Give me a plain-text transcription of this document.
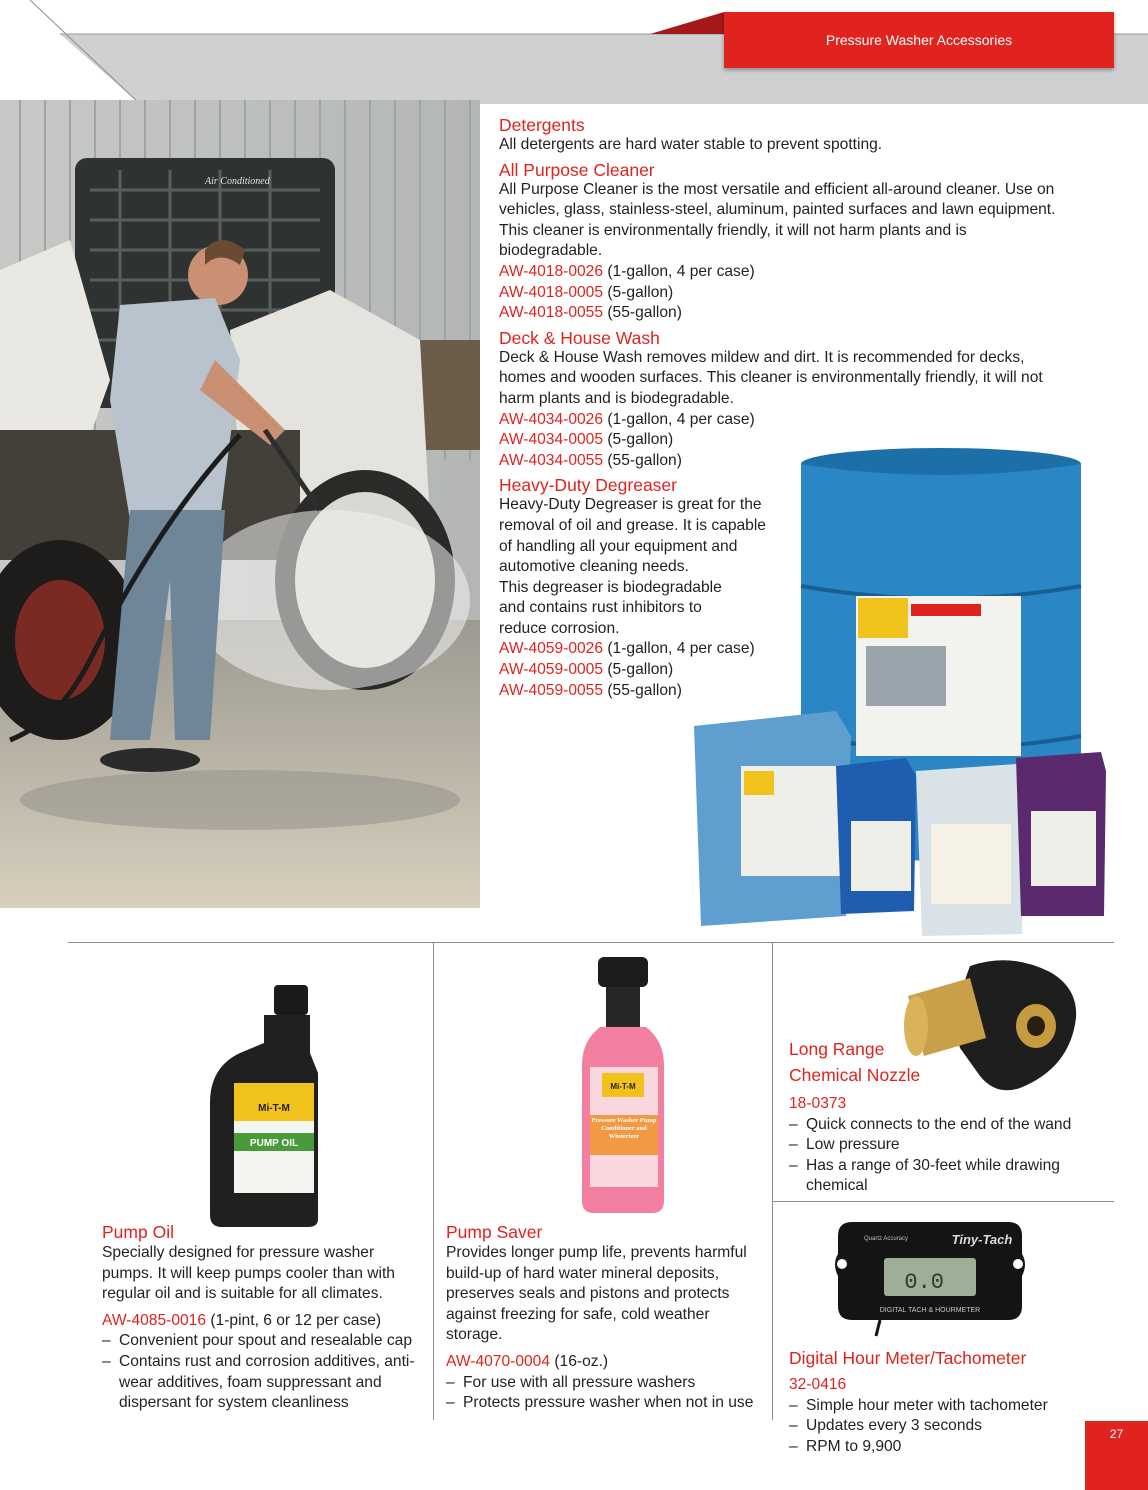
Pressure Washer Accessories
Air Conditioned
Detergents
All detergents are hard water stable to prevent spotting.
All Purpose Cleaner
All Purpose Cleaner is the most versatile and efficient all-around cleaner. Use on vehicles, glass, stainless-steel, aluminum, painted surfaces and lawn equipment. This cleaner is environmentally friendly, it will not harm plants and is biodegradable.
AW-4018-0026 (1-gallon, 4 per case)
AW-4018-0005 (5-gallon)
AW-4018-0055 (55-gallon)
Deck & House Wash
Deck & House Wash removes mildew and dirt. It is recommended for decks, homes and wooden surfaces. This cleaner is environmentally friendly, it will not harm plants and is biodegradable.
AW-4034-0026 (1-gallon, 4 per case)
AW-4034-0005 (5-gallon)
AW-4034-0055 (55-gallon)
Heavy-Duty Degreaser
Heavy-Duty Degreaser is great for the
removal of oil and grease. It is capable
of handling all your equipment and
automotive cleaning needs.
This degreaser is biodegradable
and contains rust inhibitors to
reduce corrosion.
AW-4059-0026 (1-gallon, 4 per case)
AW-4059-0005 (5-gallon)
AW-4059-0055 (55-gallon)
Mi-T-M
PUMP OIL
Pump Oil
Specially designed for pressure washer pumps. It will keep pumps cooler than with regular oil and is suitable for all climates.
AW-4085-0016 (1-pint, 6 or 12 per case)
– Convenient pour spout and resealable cap
– Contains rust and corrosion additives, anti-wear additives, foam suppressant and dispersant for system cleanliness
Mi-T-M
Pressure Washer Pump Conditioner and Winterizer
Pump Saver
Provides longer pump life, prevents harmful build-up of hard water mineral deposits, preserves seals and pistons and protects against freezing for safe, cold weather storage.
AW-4070-0004 (16-oz.)
– For use with all pressure washers
– Protects pressure washer when not in use
Long Range
Chemical Nozzle
18-0373
– Quick connects to the end of the wand
– Low pressure
– Has a range of 30-feet while drawing chemical
Tiny-Tach
Quartz Accuracy
0.0
DIGITAL TACH & HOURMETER
Digital Hour Meter/Tachometer
32-0416
– Simple hour meter with tachometer
– Updates every 3 seconds
– RPM to 9,900
27
